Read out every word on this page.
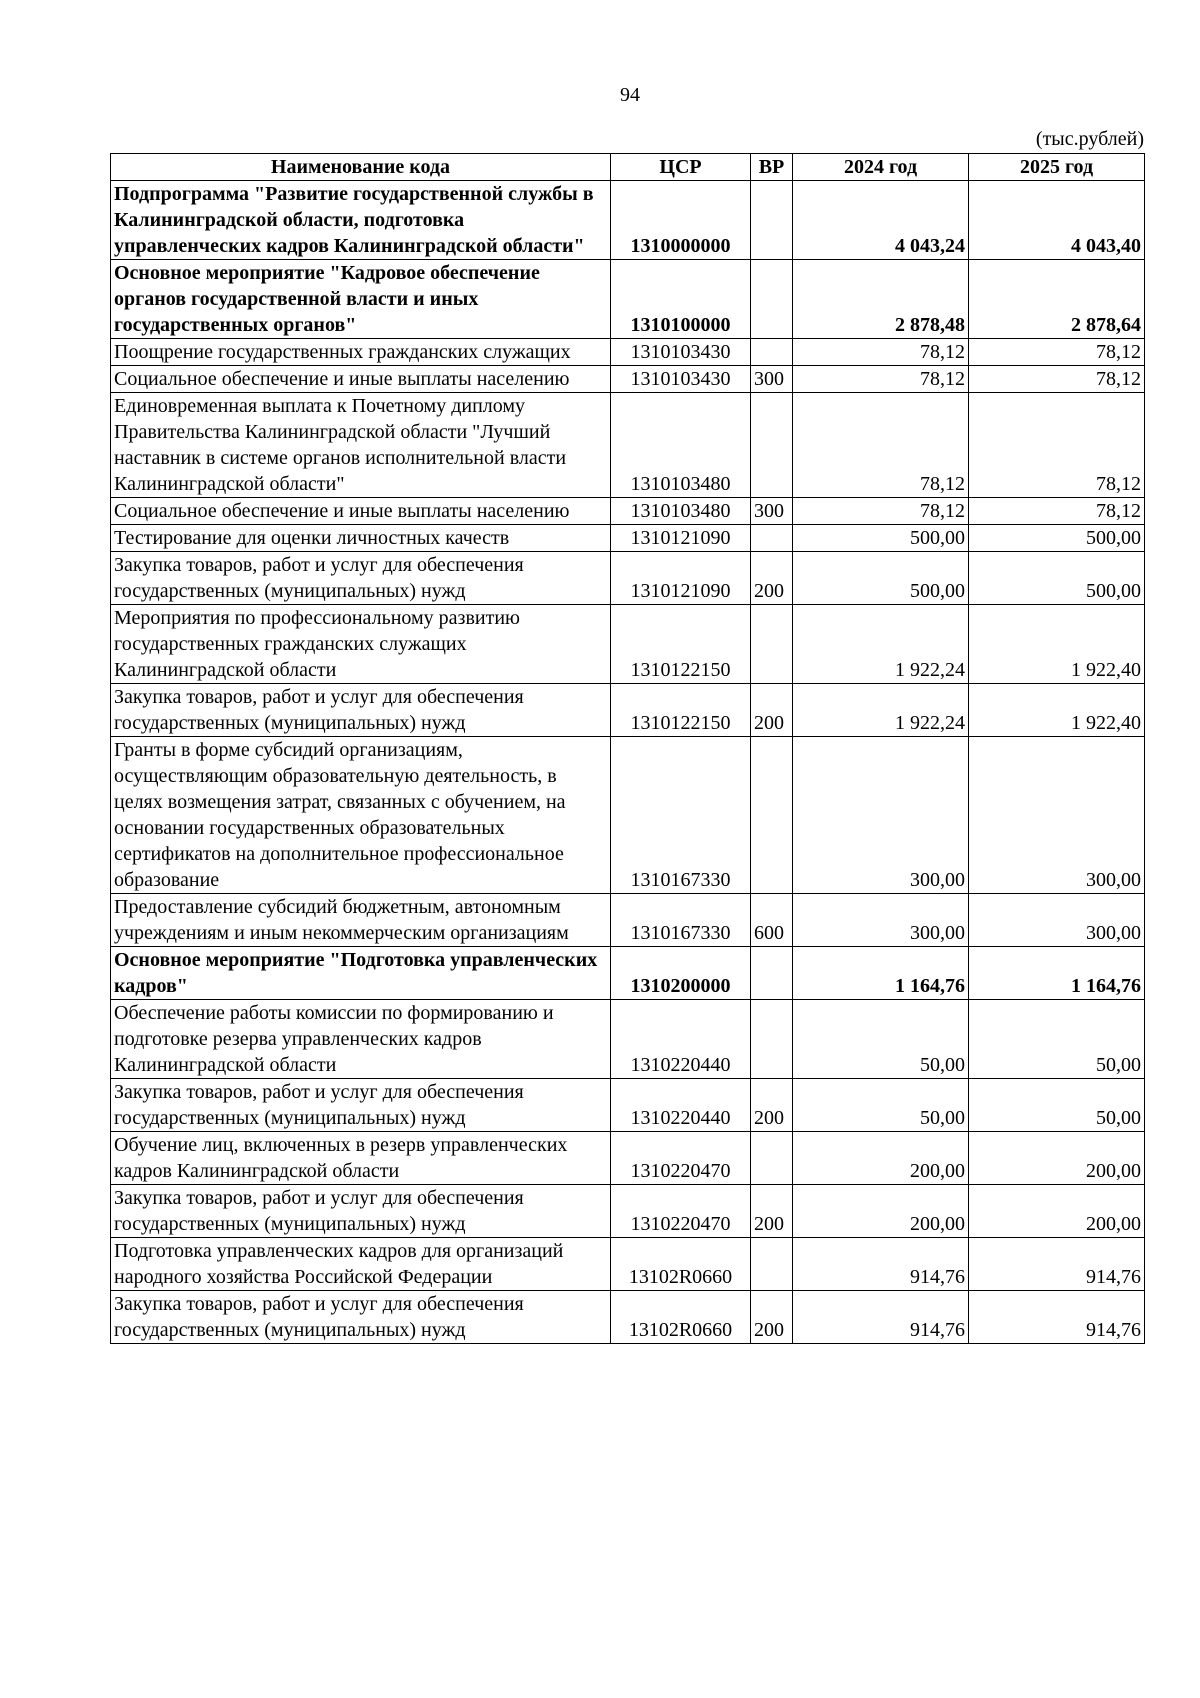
94
(тыс.рублей)
Наименование кода	ЦСР	ВР	2024 год	2025 год
Подпрограмма "Развитие государственной службы в Калининградской области, подготовка управленческих кадров Калининградской области"	1310000000		4 043,24	4 043,40
Основное мероприятие "Кадровое обеспечение органов государственной власти и иных государственных органов"	1310100000		2 878,48	2 878,64
Поощрение государственных гражданских служащих	1310103430		78,12	78,12
Социальное обеспечение и иные выплаты населению	1310103430	300	78,12	78,12
Единовременная выплата к Почетному диплому Правительства Калининградской области "Лучший наставник в системе органов исполнительной власти Калининградской области"	1310103480		78,12	78,12
Социальное обеспечение и иные выплаты населению	1310103480	300	78,12	78,12
Тестирование для оценки личностных качеств	1310121090		500,00	500,00
Закупка товаров, работ и услуг для обеспечения государственных (муниципальных) нужд	1310121090	200	500,00	500,00
Мероприятия по профессиональному развитию государственных гражданских служащих Калининградской области	1310122150		1 922,24	1 922,40
Закупка товаров, работ и услуг для обеспечения государственных (муниципальных) нужд	1310122150	200	1 922,24	1 922,40
Гранты в форме субсидий организациям, осуществляющим образовательную деятельность, в целях возмещения затрат, связанных с обучением, на основании государственных образовательных сертификатов на дополнительное профессиональное образование	1310167330		300,00	300,00
Предоставление субсидий бюджетным, автономным учреждениям и иным некоммерческим организациям	1310167330	600	300,00	300,00
Основное мероприятие "Подготовка управленческих кадров"	1310200000		1 164,76	1 164,76
Обеспечение работы комиссии по формированию и подготовке резерва управленческих кадров Калининградской области	1310220440		50,00	50,00
Закупка товаров, работ и услуг для обеспечения государственных (муниципальных) нужд	1310220440	200	50,00	50,00
Обучение лиц, включенных в резерв управленческих кадров Калининградской области	1310220470		200,00	200,00
Закупка товаров, работ и услуг для обеспечения государственных (муниципальных) нужд	1310220470	200	200,00	200,00
Подготовка управленческих кадров для организаций народного хозяйства Российской Федерации	13102R0660		914,76	914,76
Закупка товаров, работ и услуг для обеспечения государственных (муниципальных) нужд	13102R0660	200	914,76	914,76
